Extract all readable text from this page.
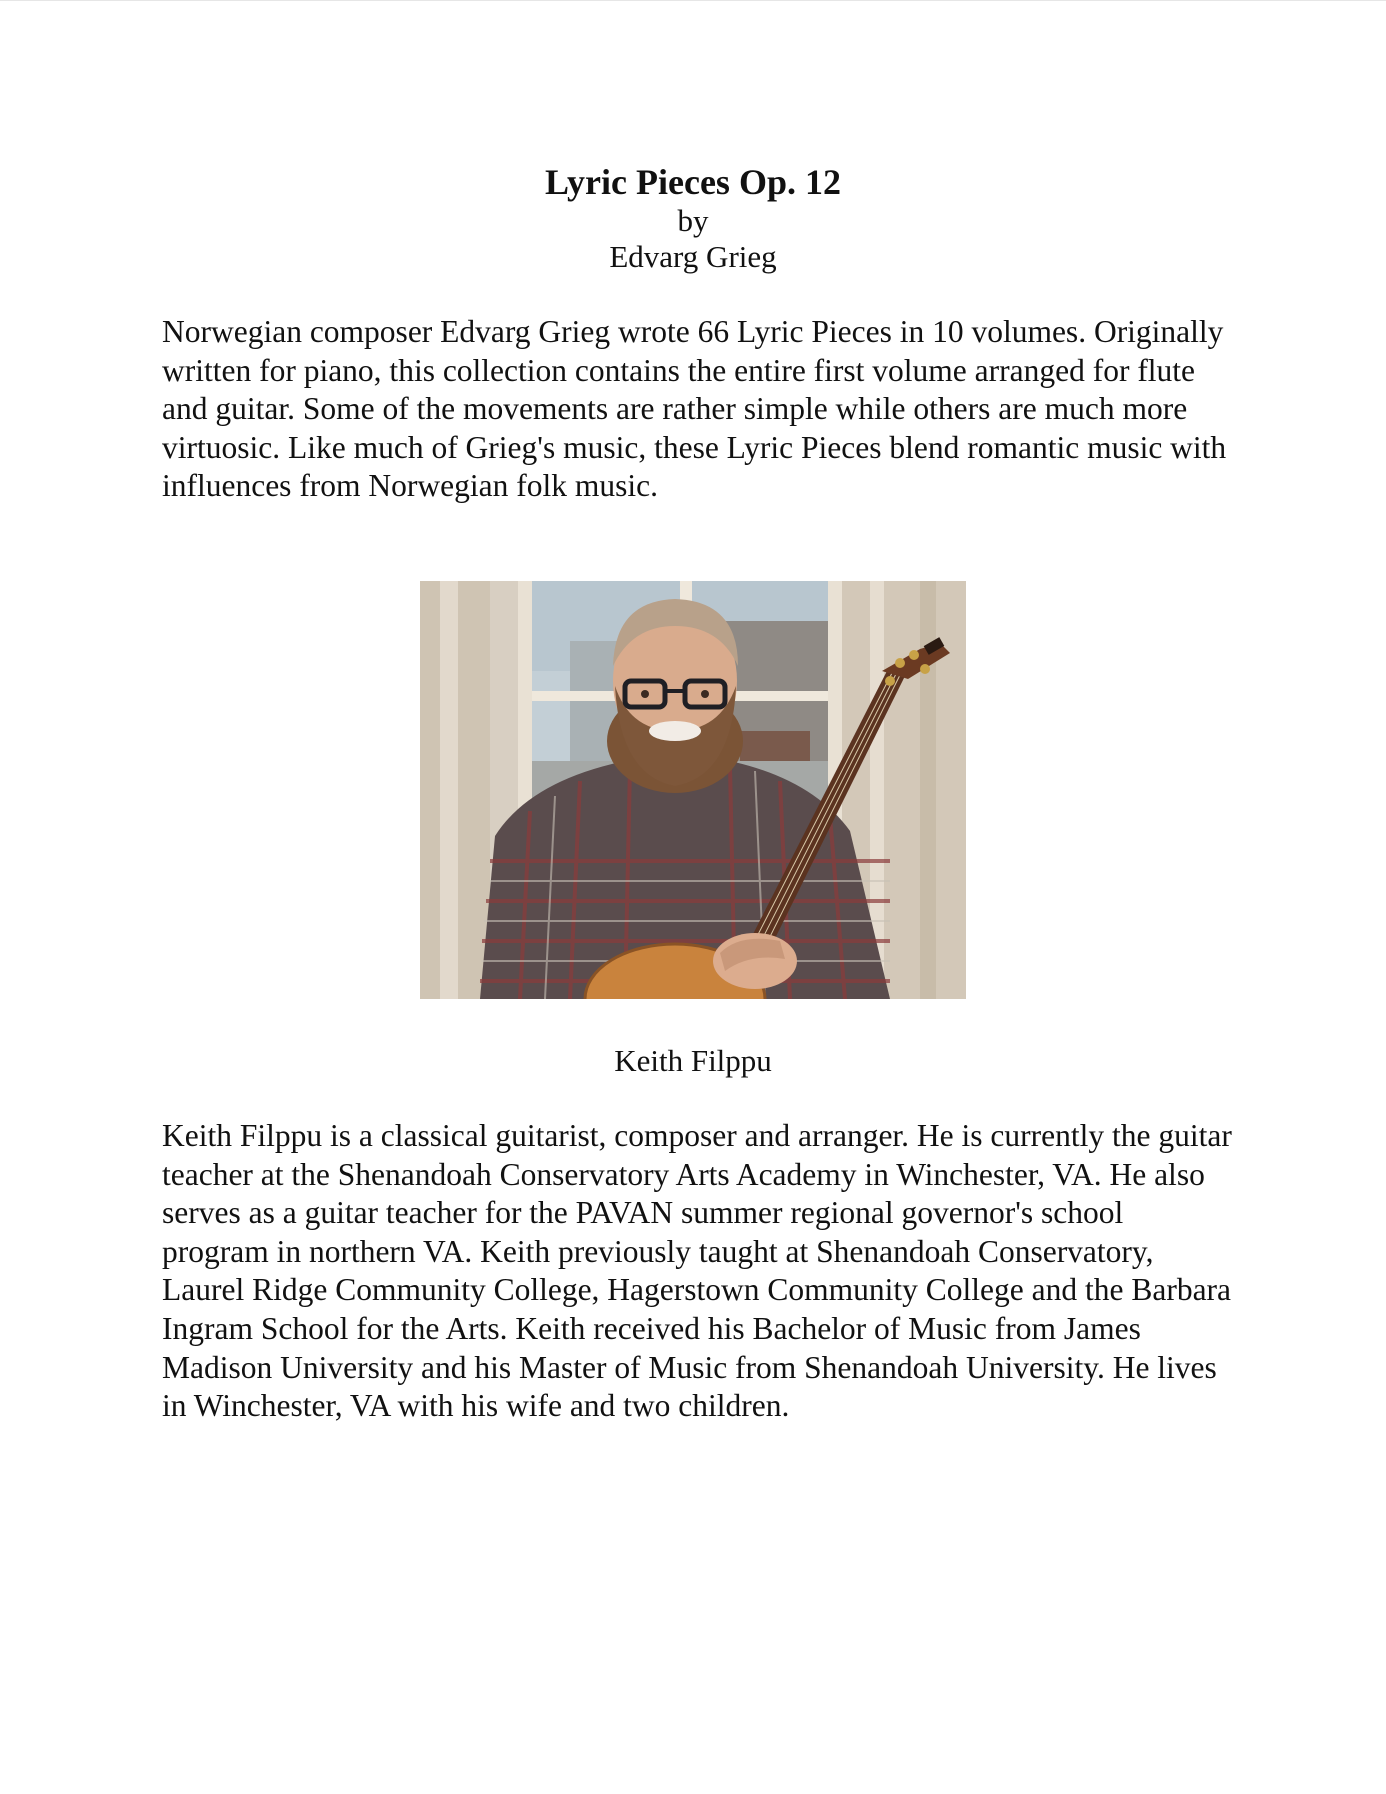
Lyric Pieces Op. 12

by

Edvarg Grieg

Norwegian composer Edvarg Grieg wrote 66 Lyric Pieces in 10 volumes. Originally written for piano, this collection contains the entire first volume arranged for flute and guitar. Some of the movements are rather simple while others are much more virtuosic. Like much of Grieg's music, these Lyric Pieces blend romantic music with influences from Norwegian folk music.

Keith Filppu

Keith Filppu is a classical guitarist, composer and arranger. He is currently the guitar teacher at the Shenandoah Conservatory Arts Academy in Winchester, VA. He also serves as a guitar teacher for the PAVAN summer regional governor's school program in northern VA. Keith previously taught at Shenandoah Conservatory, Laurel Ridge Community College, Hagerstown Community College and the Barbara Ingram School for the Arts. Keith received his Bachelor of Music from James Madison University and his Master of Music from Shenandoah University. He lives in Winchester, VA with his wife and two children.
